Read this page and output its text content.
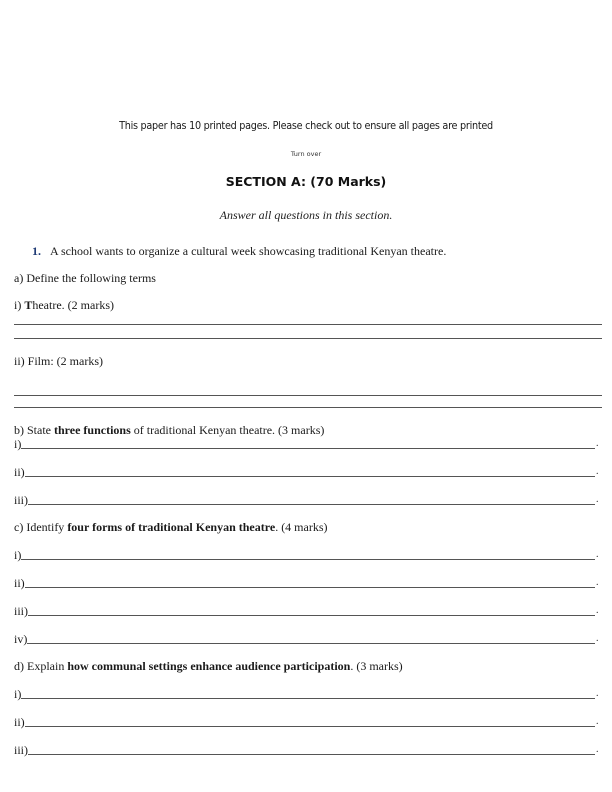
This paper has 10 printed pages. Please check out to ensure all pages are printed
Turn over
SECTION A: (70 Marks)
Answer all questions in this section.
1. A school wants to organize a cultural week showcasing traditional Kenyan theatre.
a) Define the following terms
i) Theatre. (2 marks)
ii) Film: (2 marks)
b) State three functions of traditional Kenyan theatre. (3 marks)
i)	.
ii)	.
iii)	.
c) Identify four forms of traditional Kenyan theatre. (4 marks)
i)	.
ii)	.
iii)	.
iv)	.
d) Explain how communal settings enhance audience participation. (3 marks)
i)	.
ii)	.
iii)	.
